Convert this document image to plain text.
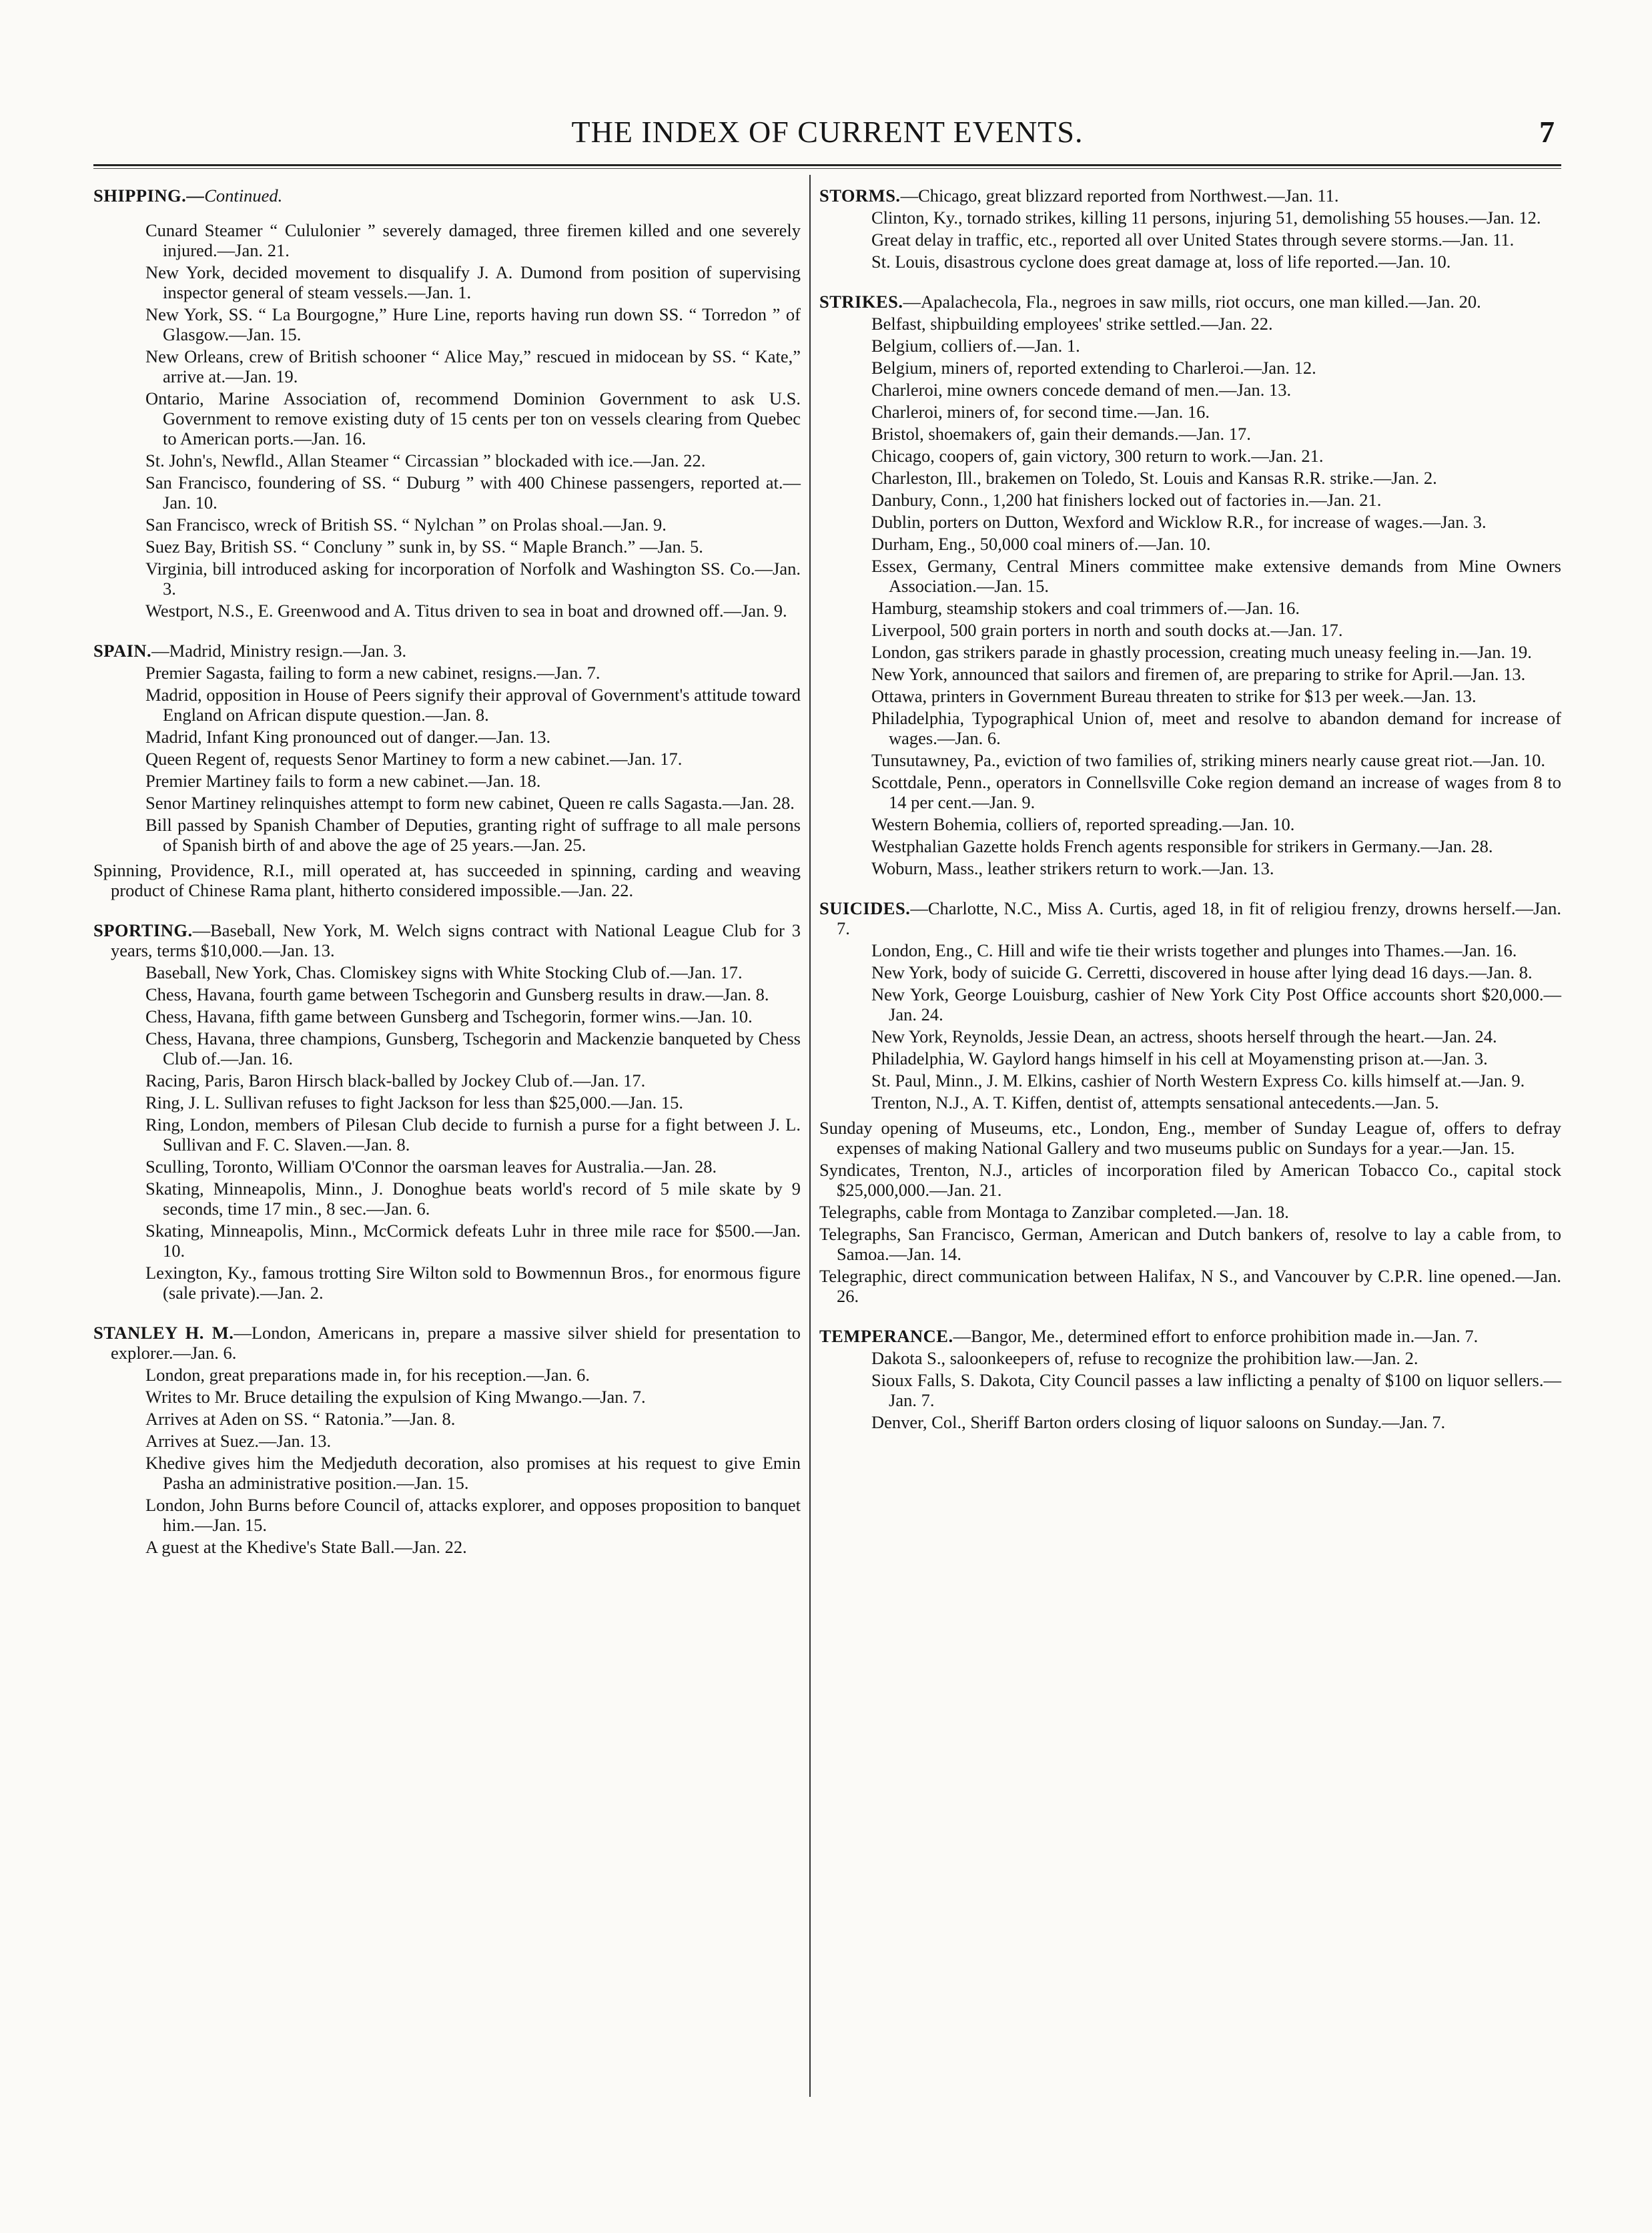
THE INDEX OF CURRENT EVENTS.	7
SHIPPING.—Continued.
Cunard Steamer “ Cululonier ” severely damaged, three firemen killed and one severely injured.—Jan. 21.
New York, decided movement to disqualify J. A. Dumond from position of supervising inspector general of steam vessels.—Jan. 1.
New York, SS. “ La Bourgogne,” Hure Line, reports having run down SS. “ Torredon ” of Glasgow.—Jan. 15.
New Orleans, crew of British schooner “ Alice May,” rescued in midocean by SS. “ Kate,” arrive at.—Jan. 19.
Ontario, Marine Association of, recommend Dominion Government to ask U.S. Government to remove existing duty of 15 cents per ton on vessels clearing from Quebec to American ports.—Jan. 16.
St. John's, Newfld., Allan Steamer “ Circassian ” blockaded with ice.—Jan. 22.
San Francisco, foundering of SS. “ Duburg ” with 400 Chinese passengers, reported at.—Jan. 10.
San Francisco, wreck of British SS. “ Nylchan ” on Prolas shoal.—Jan. 9.
Suez Bay, British SS. “ Concluny ” sunk in, by SS. “ Maple Branch.” —Jan. 5.
Virginia, bill introduced asking for incorporation of Norfolk and Washington SS. Co.—Jan. 3.
Westport, N.S., E. Greenwood and A. Titus driven to sea in boat and drowned off.—Jan. 9.
SPAIN.—Madrid, Ministry resign.—Jan. 3.
Premier Sagasta, failing to form a new cabinet, resigns.—Jan. 7.
Madrid, opposition in House of Peers signify their approval of Government's attitude toward England on African dispute question.—Jan. 8.
Madrid, Infant King pronounced out of danger.—Jan. 13.
Queen Regent of, requests Senor Martiney to form a new cabinet.—Jan. 17.
Premier Martiney fails to form a new cabinet.—Jan. 18.
Senor Martiney relinquishes attempt to form new cabinet, Queen re calls Sagasta.—Jan. 28.
Bill passed by Spanish Chamber of Deputies, granting right of suffrage to all male persons of Spanish birth of and above the age of 25 years.—Jan. 25.
Spinning, Providence, R.I., mill operated at, has succeeded in spinning, carding and weaving product of Chinese Rama plant, hitherto considered impossible.—Jan. 22.
SPORTING.—Baseball, New York, M. Welch signs contract with National League Club for 3 years, terms $10,000.—Jan. 13.
Baseball, New York, Chas. Clomiskey signs with White Stocking Club of.—Jan. 17.
Chess, Havana, fourth game between Tschegorin and Gunsberg results in draw.—Jan. 8.
Chess, Havana, fifth game between Gunsberg and Tschegorin, former wins.—Jan. 10.
Chess, Havana, three champions, Gunsberg, Tschegorin and Mackenzie banqueted by Chess Club of.—Jan. 16.
Racing, Paris, Baron Hirsch black-balled by Jockey Club of.—Jan. 17.
Ring, J. L. Sullivan refuses to fight Jackson for less than $25,000.—Jan. 15.
Ring, London, members of Pilesan Club decide to furnish a purse for a fight between J. L. Sullivan and F. C. Slaven.—Jan. 8.
Sculling, Toronto, William O'Connor the oarsman leaves for Australia.—Jan. 28.
Skating, Minneapolis, Minn., J. Donoghue beats world's record of 5 mile skate by 9 seconds, time 17 min., 8 sec.—Jan. 6.
Skating, Minneapolis, Minn., McCormick defeats Luhr in three mile race for $500.—Jan. 10.
Lexington, Ky., famous trotting Sire Wilton sold to Bowmennun Bros., for enormous figure (sale private).—Jan. 2.
STANLEY H. M.—London, Americans in, prepare a massive silver shield for presentation to explorer.—Jan. 6.
London, great preparations made in, for his reception.—Jan. 6.
Writes to Mr. Bruce detailing the expulsion of King Mwango.—Jan. 7.
Arrives at Aden on SS. “ Ratonia.”—Jan. 8.
Arrives at Suez.—Jan. 13.
Khedive gives him the Medjeduth decoration, also promises at his request to give Emin Pasha an administrative position.—Jan. 15.
London, John Burns before Council of, attacks explorer, and opposes proposition to banquet him.—Jan. 15.
A guest at the Khedive's State Ball.—Jan. 22.
STORMS.—Chicago, great blizzard reported from Northwest.—Jan. 11.
Clinton, Ky., tornado strikes, killing 11 persons, injuring 51, demolishing 55 houses.—Jan. 12.
Great delay in traffic, etc., reported all over United States through severe storms.—Jan. 11.
St. Louis, disastrous cyclone does great damage at, loss of life reported.—Jan. 10.
STRIKES.—Apalachecola, Fla., negroes in saw mills, riot occurs, one man killed.—Jan. 20.
Belfast, shipbuilding employees' strike settled.—Jan. 22.
Belgium, colliers of.—Jan. 1.
Belgium, miners of, reported extending to Charleroi.—Jan. 12.
Charleroi, mine owners concede demand of men.—Jan. 13.
Charleroi, miners of, for second time.—Jan. 16.
Bristol, shoemakers of, gain their demands.—Jan. 17.
Chicago, coopers of, gain victory, 300 return to work.—Jan. 21.
Charleston, Ill., brakemen on Toledo, St. Louis and Kansas R.R. strike.—Jan. 2.
Danbury, Conn., 1,200 hat finishers locked out of factories in.—Jan. 21.
Dublin, porters on Dutton, Wexford and Wicklow R.R., for increase of wages.—Jan. 3.
Durham, Eng., 50,000 coal miners of.—Jan. 10.
Essex, Germany, Central Miners committee make extensive demands from Mine Owners Association.—Jan. 15.
Hamburg, steamship stokers and coal trimmers of.—Jan. 16.
Liverpool, 500 grain porters in north and south docks at.—Jan. 17.
London, gas strikers parade in ghastly procession, creating much uneasy feeling in.—Jan. 19.
New York, announced that sailors and firemen of, are preparing to strike for April.—Jan. 13.
Ottawa, printers in Government Bureau threaten to strike for $13 per week.—Jan. 13.
Philadelphia, Typographical Union of, meet and resolve to abandon demand for increase of wages.—Jan. 6.
Tunsutawney, Pa., eviction of two families of, striking miners nearly cause great riot.—Jan. 10.
Scottdale, Penn., operators in Connellsville Coke region demand an increase of wages from 8 to 14 per cent.—Jan. 9.
Western Bohemia, colliers of, reported spreading.—Jan. 10.
Westphalian Gazette holds French agents responsible for strikers in Germany.—Jan. 28.
Woburn, Mass., leather strikers return to work.—Jan. 13.
SUICIDES.—Charlotte, N.C., Miss A. Curtis, aged 18, in fit of religiou frenzy, drowns herself.—Jan. 7.
London, Eng., C. Hill and wife tie their wrists together and plunges into Thames.—Jan. 16.
New York, body of suicide G. Cerretti, discovered in house after lying dead 16 days.—Jan. 8.
New York, George Louisburg, cashier of New York City Post Office accounts short $20,000.—Jan. 24.
New York, Reynolds, Jessie Dean, an actress, shoots herself through the heart.—Jan. 24.
Philadelphia, W. Gaylord hangs himself in his cell at Moyamensting prison at.—Jan. 3.
St. Paul, Minn., J. M. Elkins, cashier of North Western Express Co. kills himself at.—Jan. 9.
Trenton, N.J., A. T. Kiffen, dentist of, attempts sensational antecedents.—Jan. 5.
Sunday opening of Museums, etc., London, Eng., member of Sunday League of, offers to defray expenses of making National Gallery and two museums public on Sundays for a year.—Jan. 15.
Syndicates, Trenton, N.J., articles of incorporation filed by American Tobacco Co., capital stock $25,000,000.—Jan. 21.
Telegraphs, cable from Montaga to Zanzibar completed.—Jan. 18.
Telegraphs, San Francisco, German, American and Dutch bankers of, resolve to lay a cable from, to Samoa.—Jan. 14.
Telegraphic, direct communication between Halifax, N S., and Vancouver by C.P.R. line opened.—Jan. 26.
TEMPERANCE.—Bangor, Me., determined effort to enforce prohibition made in.—Jan. 7.
Dakota S., saloonkeepers of, refuse to recognize the prohibition law.—Jan. 2.
Sioux Falls, S. Dakota, City Council passes a law inflicting a penalty of $100 on liquor sellers.—Jan. 7.
Denver, Col., Sheriff Barton orders closing of liquor saloons on Sunday.—Jan. 7.
